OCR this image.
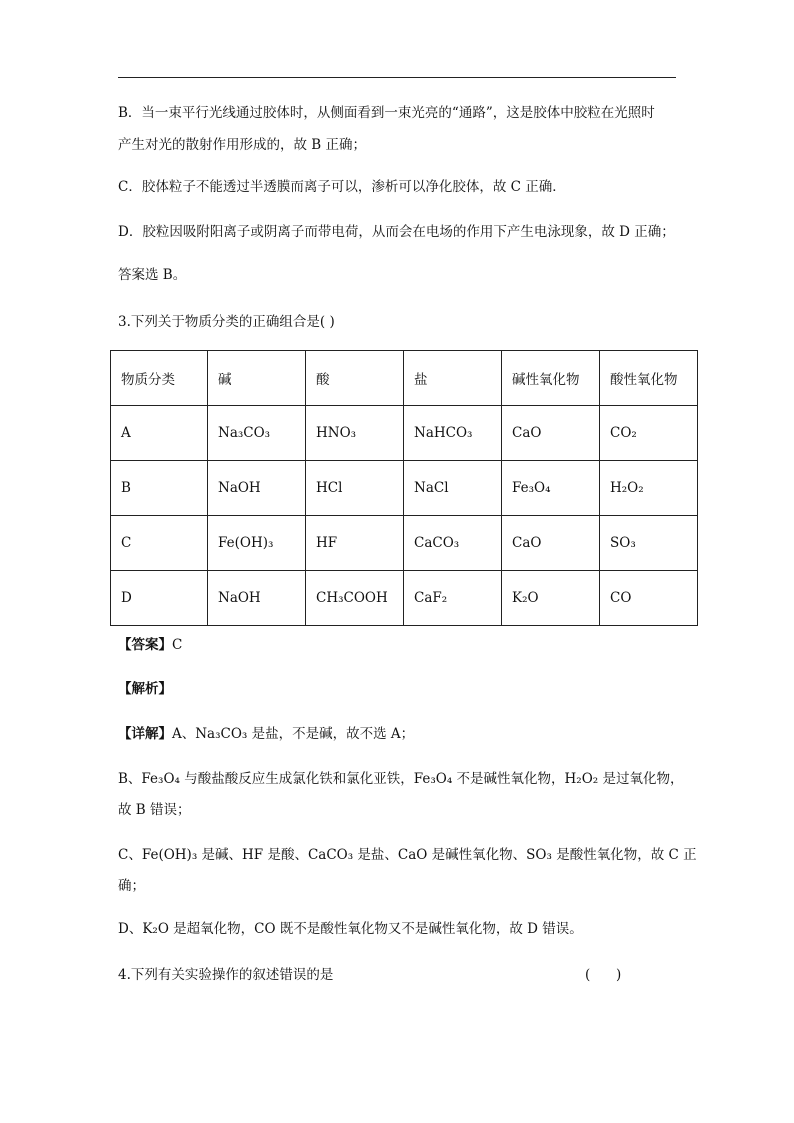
B．当一束平行光线通过胶体时，从侧面看到一束光亮的“通路”，这是胶体中胶粒在光照时
产生对光的散射作用形成的，故 B 正确；
C．胶体粒子不能透过半透膜而离子可以，渗析可以净化胶体，故 C 正确．
D．胶粒因吸附阳离子或阴离子而带电荷，从而会在电场的作用下产生电泳现象，故 D 正确；
答案选 B。
3.下列关于物质分类的正确组合是( )
物质分类	碱	酸	盐	碱性氧化物	酸性氧化物
A	Na₃CO₃	HNO₃	NaHCO₃	CaO	CO₂
B	NaOH	HCl	NaCl	Fe₃O₄	H₂O₂
C	Fe(OH)₃	HF	CaCO₃	CaO	SO₃
D	NaOH	CH₃COOH	CaF₂	K₂O	CO
【答案】C
【解析】
【详解】A、Na₃CO₃ 是盐，不是碱，故不选 A；
B、Fe₃O₄ 与酸盐酸反应生成氯化铁和氯化亚铁，Fe₃O₄ 不是碱性氧化物，H₂O₂ 是过氧化物，
故 B 错误；
C、Fe(OH)₃ 是碱、HF 是酸、CaCO₃ 是盐、CaO 是碱性氧化物、SO₃ 是酸性氧化物，故 C 正
确；
D、K₂O 是超氧化物，CO 既不是酸性氧化物又不是碱性氧化物，故 D 错误。
4.下列有关实验操作的叙述错误的是	(      )
